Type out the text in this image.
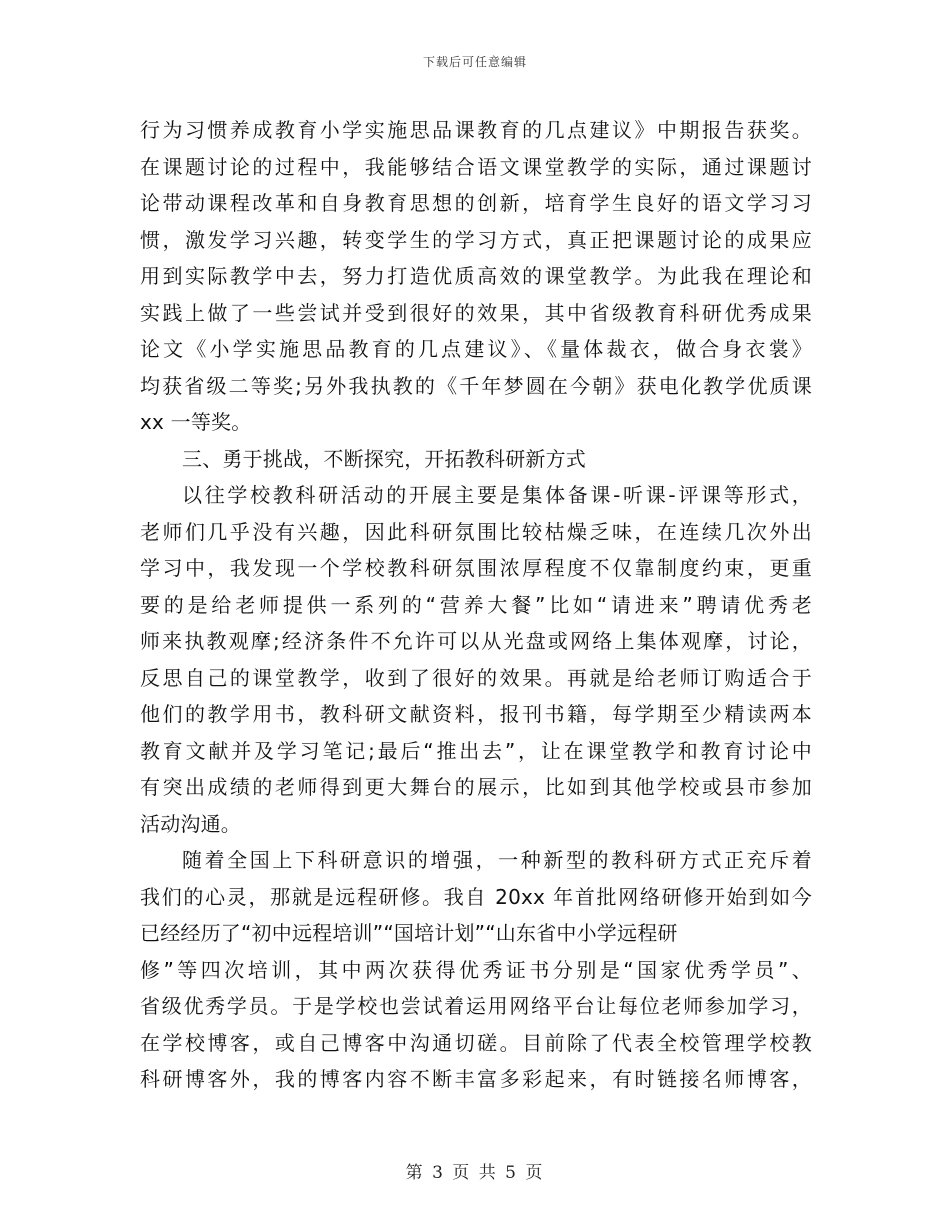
下载后可任意编辑
行为习惯养成教育小学实施思品课教育的几点建议》中期报告获奖。
在课题讨论的过程中，我能够结合语文课堂教学的实际，通过课题讨
论带动课程改革和自身教育思想的创新，培育学生良好的语文学习习
惯，激发学习兴趣，转变学生的学习方式，真正把课题讨论的成果应
用到实际教学中去，努力打造优质高效的课堂教学。为此我在理论和
实践上做了一些尝试并受到很好的效果，其中省级教育科研优秀成果
论文《小学实施思品教育的几点建议》、《量体裁衣，做合身衣裳》
均获省级二等奖;另外我执教的《千年梦圆在今朝》获电化教学优质课
xx 一等奖。
三、勇于挑战，不断探究，开拓教科研新方式
以往学校教科研活动的开展主要是集体备课-听课-评课等形式，
老师们几乎没有兴趣，因此科研氛围比较枯燥乏味，在连续几次外出
学习中，我发现一个学校教科研氛围浓厚程度不仅靠制度约束，更重
要的是给老师提供一系列的“营养大餐”比如“请进来”聘请优秀老
师来执教观摩;经济条件不允许可以从光盘或网络上集体观摩，讨论，
反思自己的课堂教学，收到了很好的效果。再就是给老师订购适合于
他们的教学用书，教科研文献资料，报刊书籍，每学期至少精读两本
教育文献并及学习笔记;最后“推出去”，让在课堂教学和教育讨论中
有突出成绩的老师得到更大舞台的展示，比如到其他学校或县市参加
活动沟通。
随着全国上下科研意识的增强，一种新型的教科研方式正充斥着
我们的心灵，那就是远程研修。我自 20xx 年首批网络研修开始到如今
已经经历了“初中远程培训”“国培计划”“山东省中小学远程研
修”等四次培训，其中两次获得优秀证书分别是“国家优秀学员”、
省级优秀学员。于是学校也尝试着运用网络平台让每位老师参加学习，
在学校博客，或自己博客中沟通切磋。目前除了代表全校管理学校教
科研博客外，我的博客内容不断丰富多彩起来，有时链接名师博客，
第 3 页 共 5 页
